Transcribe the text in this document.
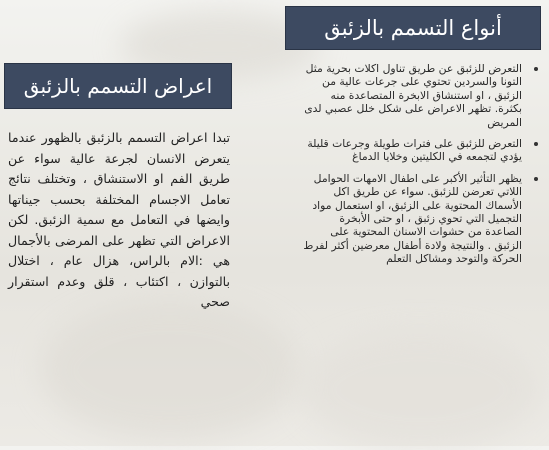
أنواع التسمم بالزئبق
اعراض التسمم بالزئبق
تبدا اعراض التسمم بالزئبق بالظهور عندما يتعرض الانسان لجرعة عالية سواء عن طريق الفم او الاستنشاق ، وتختلف نتائج تعامل الاجسام المختلفة بحسب جيناتها وايضها في التعامل مع سمية الزئبق. لكن الاعراض التي تظهر على المرضى بالأجمال هي :الام بالراس، هزال عام ، اختلال بالتوازن ، اكتئاب ، قلق وعدم استقرار صحي
التعرض للزئبق عن طريق تناول اكلات بحرية مثل التونا والسردين تحتوي على جرعات عالية من الزئبق ، او استنشاق الابخرة المتصاعدة منه بكثرة. تظهر الاعراض على شكل خلل عصبي لدى المريض
التعرض للزئبق على فترات طويلة وجرعات قليلة يؤدي لتجمعه في الكليتين وخلايا الدماغ
يظهر التأثير الأكبر على اطفال الامهات الحوامل اللاتي تعرضن للزئبق. سواء عن طريق اكل الأسماك المحتوية على الزئبق، او استعمال مواد التجميل التي تحوي زئبق ، او حتى الأبخرة الصاعدة من حشوات الاسنان المحتوية على الزئبق . والنتيجة ولادة أطفال معرضين أكثر لفرط الحركة والتوحد ومشاكل التعلم
